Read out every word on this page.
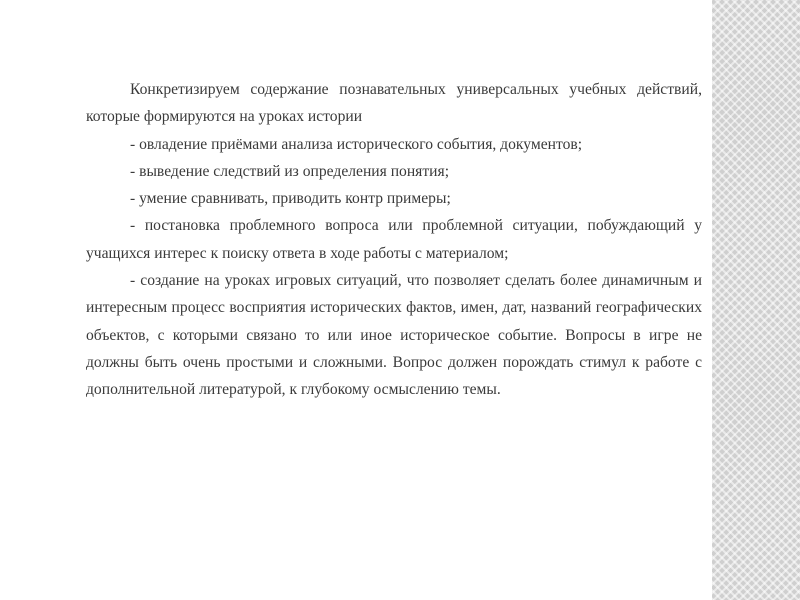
Конкретизируем содержание познавательных универсальных учебных действий, которые формируются на уроках истории

- овладение приёмами анализа исторического события, документов;

- выведение следствий из определения понятия;

- умение сравнивать, приводить контр примеры;

- постановка проблемного вопроса или проблемной ситуации, побуждающий у учащихся интерес к поиску ответа в ходе работы с материалом;

- создание на уроках игровых ситуаций, что позволяет сделать более динамичным и интересным процесс восприятия исторических фактов, имен, дат, названий географических объектов, с которыми связано то или иное историческое событие. Вопросы в игре не должны быть очень простыми и сложными. Вопрос должен порождать стимул к работе с дополнительной литературой, к глубокому осмыслению темы.
